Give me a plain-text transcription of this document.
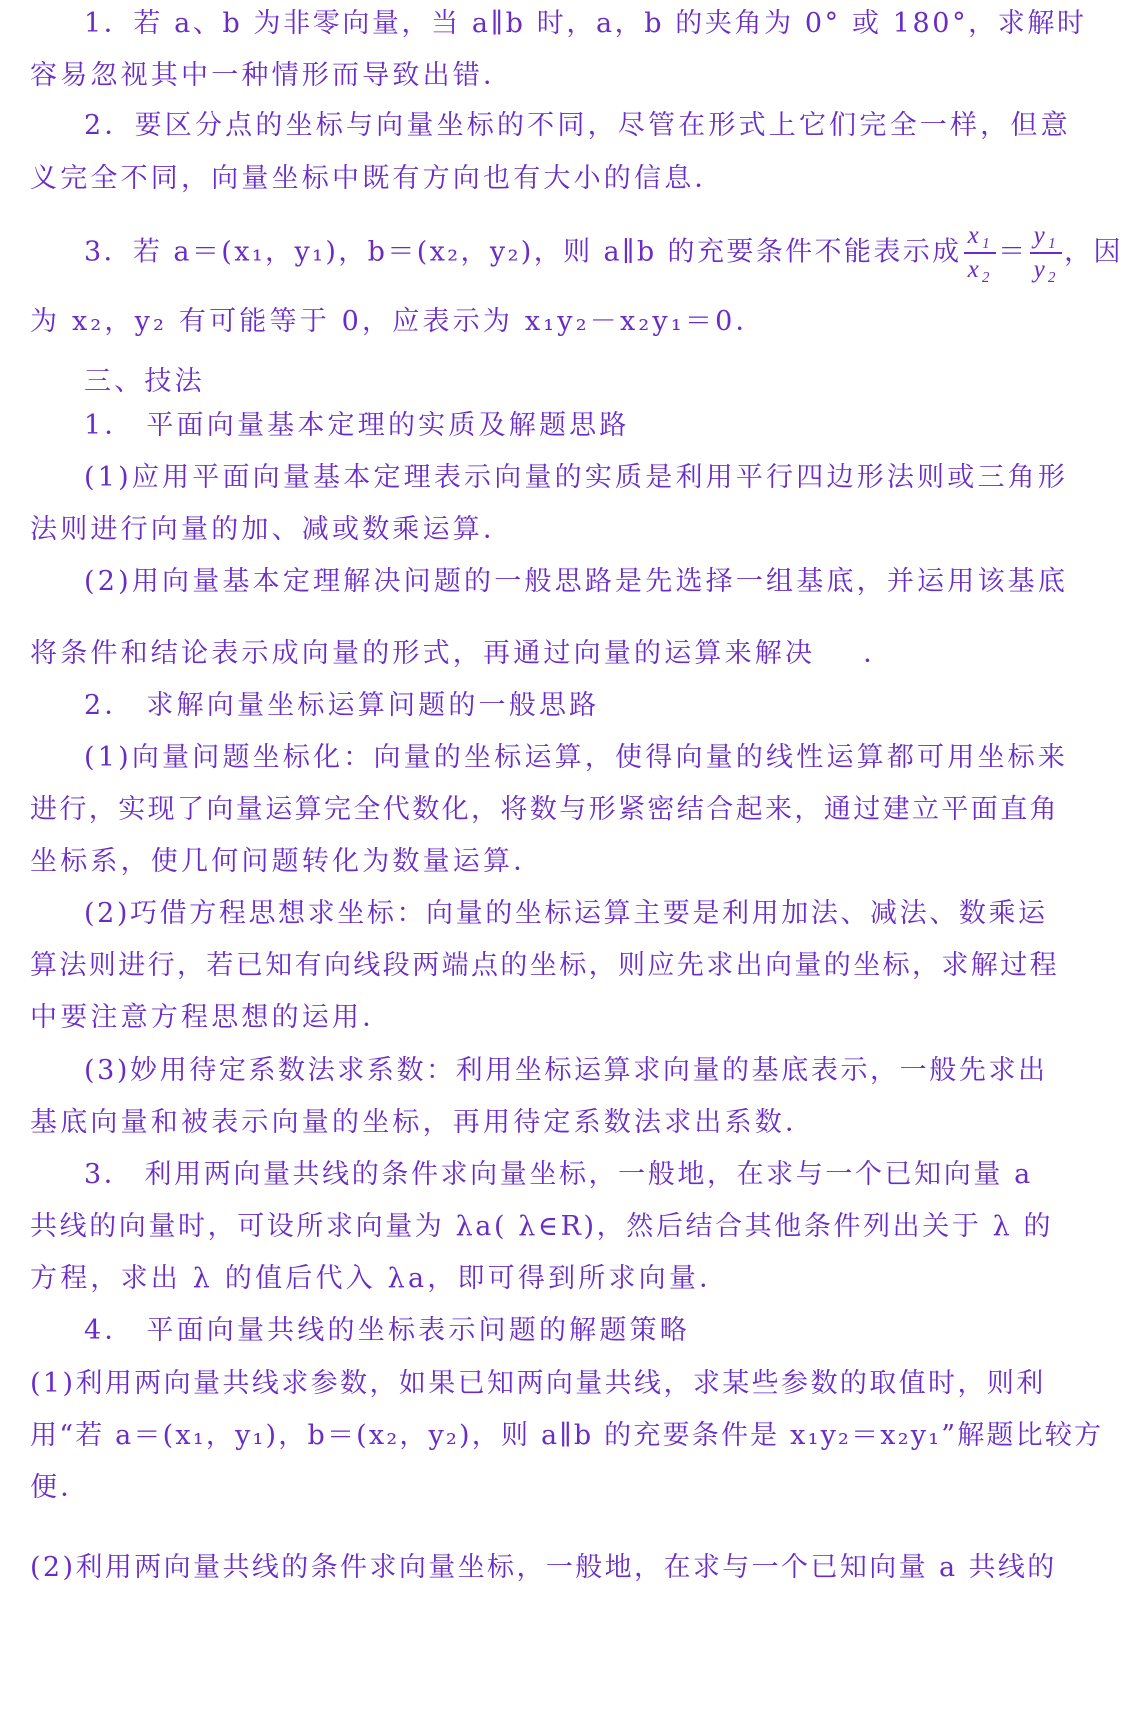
1．若 a、b 为非零向量，当 a∥b 时，a，b 的夹角为 0° 或 180°，求解时
容易忽视其中一种情形而导致出错．
2．要区分点的坐标与向量坐标的不同，尽管在形式上它们完全一样，但意
义完全不同，向量坐标中既有方向也有大小的信息．
3．若 a＝(x₁，y₁)，b＝(x₂，y₂)，则 a∥b 的充要条件不能表示成 $\frac{\text{x₁}}{\text{x₂}} = \frac{\text{y₁}}{\text{y₂}}$ ，因
为 x₂，y₂ 有可能等于 0，应表示为 x₁y₂－x₂y₁＝0．
三、技法
1． 平面向量基本定理的实质及解题思路
(1)应用平面向量基本定理表示向量的实质是利用平行四边形法则或三角形
法则进行向量的加、减或数乘运算．
(2)用向量基本定理解决问题的一般思路是先选择一组基底，并运用该基底
将条件和结论表示成向量的形式，再通过向量的运算来解决 ．
2． 求解向量坐标运算问题的一般思路
(1)向量问题坐标化：向量的坐标运算，使得向量的线性运算都可用坐标来
进行，实现了向量运算完全代数化，将数与形紧密结合起来，通过建立平面直角
坐标系，使几何问题转化为数量运算．
(2)巧借方程思想求坐标：向量的坐标运算主要是利用加法、减法、数乘运
算法则进行，若已知有向线段两端点的坐标，则应先求出向量的坐标，求解过程
中要注意方程思想的运用．
(3)妙用待定系数法求系数：利用坐标运算求向量的基底表示，一般先求出
基底向量和被表示向量的坐标，再用待定系数法求出系数．
3． 利用两向量共线的条件求向量坐标，一般地，在求与一个已知向量 a
共线的向量时，可设所求向量为 λa( λ∈R)，然后结合其他条件列出关于 λ 的
方程，求出 λ 的值后代入 λa，即可得到所求向量．
4． 平面向量共线的坐标表示问题的解题策略
(1)利用两向量共线求参数，如果已知两向量共线，求某些参数的取值时，则利
用“若 a＝(x₁，y₁)，b＝(x₂，y₂)，则 a∥b 的充要条件是 x₁y₂＝x₂y₁”解题比较方
便．
(2)利用两向量共线的条件求向量坐标，一般地，在求与一个已知向量 a 共线的
